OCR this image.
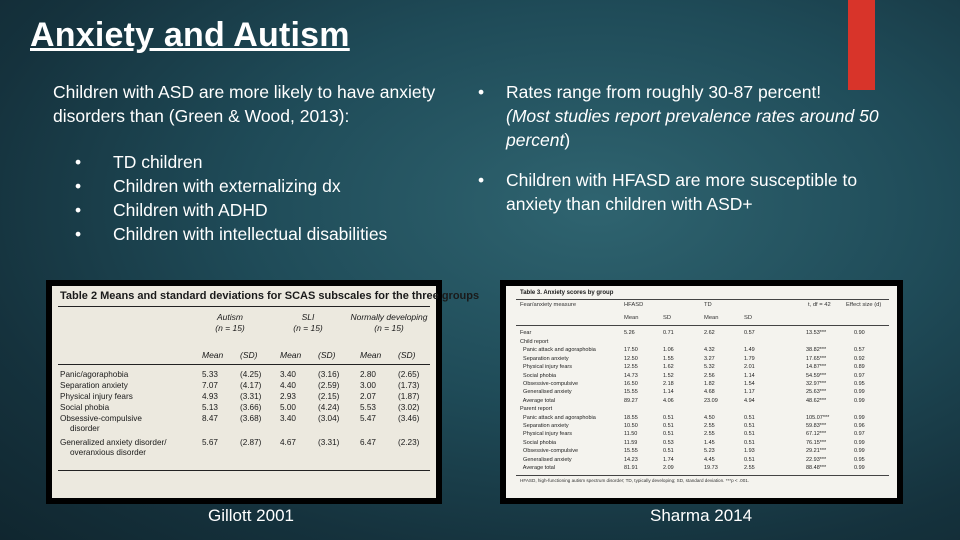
Anxiety and Autism
Children with ASD are more likely to have anxiety disorders than (Green & Wood, 2013):
• TD children
• Children with externalizing dx
• Children with ADHD
• Children with intellectual disabilities
• Rates range from roughly 30-87 percent!
(Most studies report prevalence rates around 50 percent)
• Children with HFASD are more susceptible to anxiety than children with ASD+
Table 2 Means and standard deviations for SCAS subscales for the three groups
Autism
(n = 15)
SLI
(n = 15)
Normally developing
(n = 15)
Mean (SD)	Mean (SD)	Mean (SD)
Panic/agoraphobia	5.33	(4.25) 3.40	(3.16)	2.80	(2.65)
Separation anxiety	7.07	(4.17) 4.40	(2.59)	3.00	(1.73)
Physical injury fears	4.93	(3.31) 2.93	(2.15)	2.07	(1.87)
Social phobia	5.13	(3.66) 5.00	(4.24)	5.53	(3.02)
Obsessive-compulsive	8.47	(3.68) 3.40	(3.04)	5.47	(3.46)
disorder
Generalized anxiety disorder/	5.67	(2.87) 4.67	(3.31)	6.47	(2.23)
overanxious disorder
Table 3. Anxiety scores by group
Fear/anxiety measure	HFASD	TD	t, df = 42	Effect size (d)
Mean	SD	Mean	SD
Fear	5.26	0.71	2.62	0.57	13.53***	0.90
Child report
Panic attack and agoraphobia	17.50	1.06	4.32	1.49	38.82***	0.57
Separation anxiety	12.50	1.55	3.27	1.79	17.65***	0.92
Physical injury fears	12.55	1.62	5.32	2.01	14.87***	0.89
Social phobia	14.73	1.52	2.56	1.14	54.59***	0.97
Obsessive-compulsive	16.50	2.18	1.82	1.54	32.97***	0.95
Generalised anxiety	15.55	1.14	4.68	1.17	25.63***	0.99
Average total	89.27	4.06	23.09	4.94	48.62***	0.99
Parent report
Panic attack and agoraphobia	18.55	0.51	4.50	0.51	105.07***	0.99
Separation anxiety	10.50	0.51	2.55	0.51	59.83***	0.96
Physical injury fears	11.50	0.51	2.55	0.51	67.12***	0.97
Social phobia	11.59	0.53	1.45	0.51	76.15***	0.99
Obsessive-compulsive	15.55	0.51	5.23	1.93	29.21***	0.99
Generalised anxiety	14.23	1.74	4.45	0.51	22.93***	0.95
Average total	81.91	2.09	19.73	2.55	88.48***	0.99
HFASD, high-functioning autism spectrum disorder; TD, typically developing; SD, standard deviation. ***p < .001.
Gillott 2001	Sharma 2014
